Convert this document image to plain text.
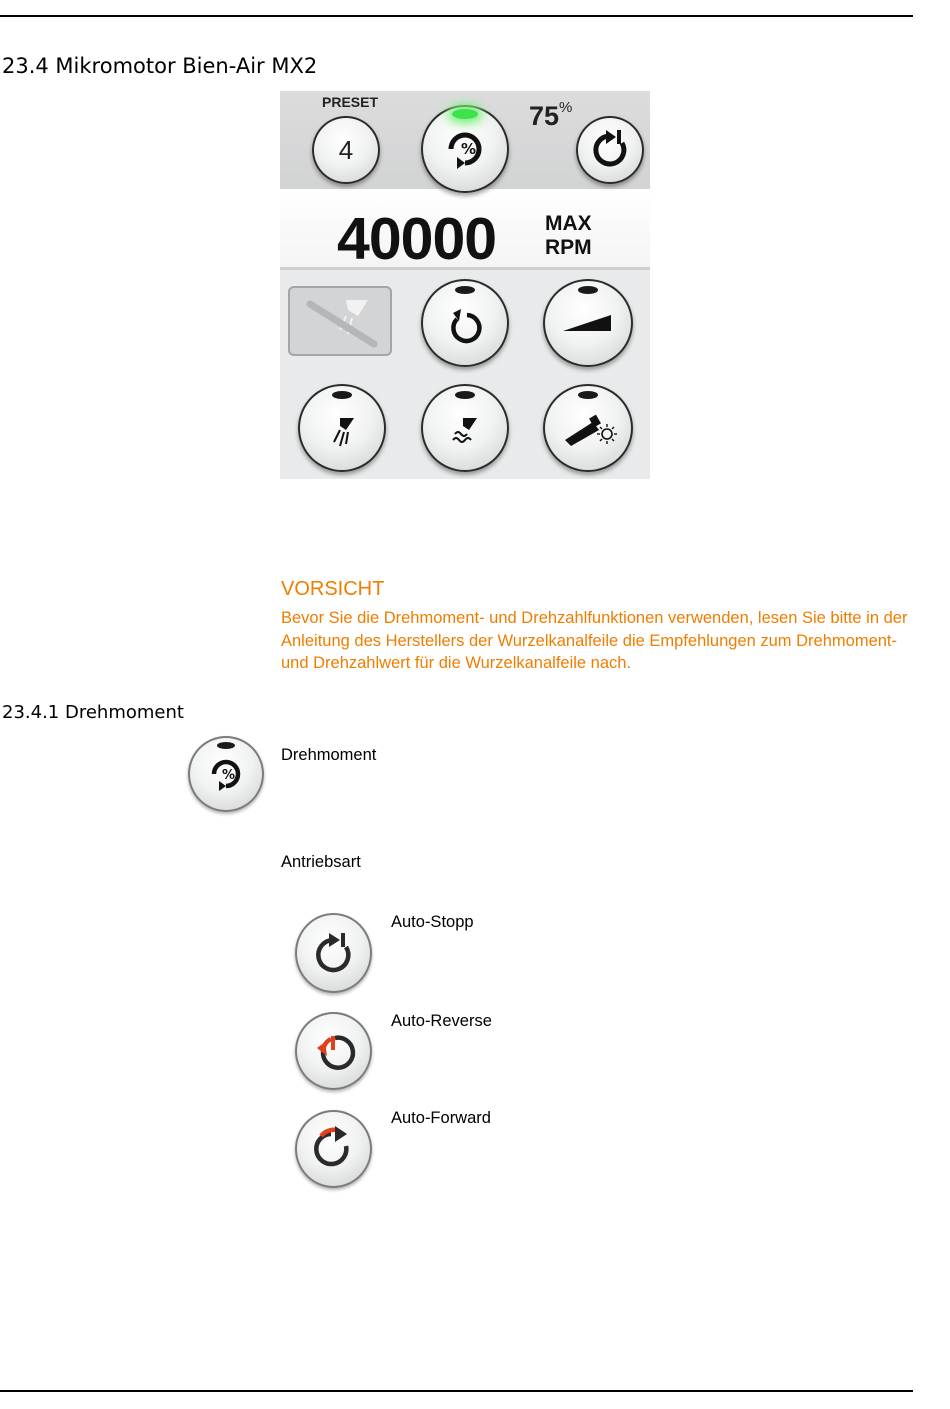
23.4 Mikromotor Bien-Air MX2
PRESET
4	%
75%
40000 MAX
RPM
VORSICHT
Bevor Sie die Drehmoment- und Drehzahlfunktionen verwenden, lesen Sie bitte in der Anleitung des Herstellers der Wurzelkanalfeile die Empfehlungen zum Drehmoment- und Drehzahlwert für die Wurzelkanalfeile nach.
23.4.1 Drehmoment
%
Drehmoment
Antriebsart
Auto-Stopp
Auto-Reverse
Auto-Forward
